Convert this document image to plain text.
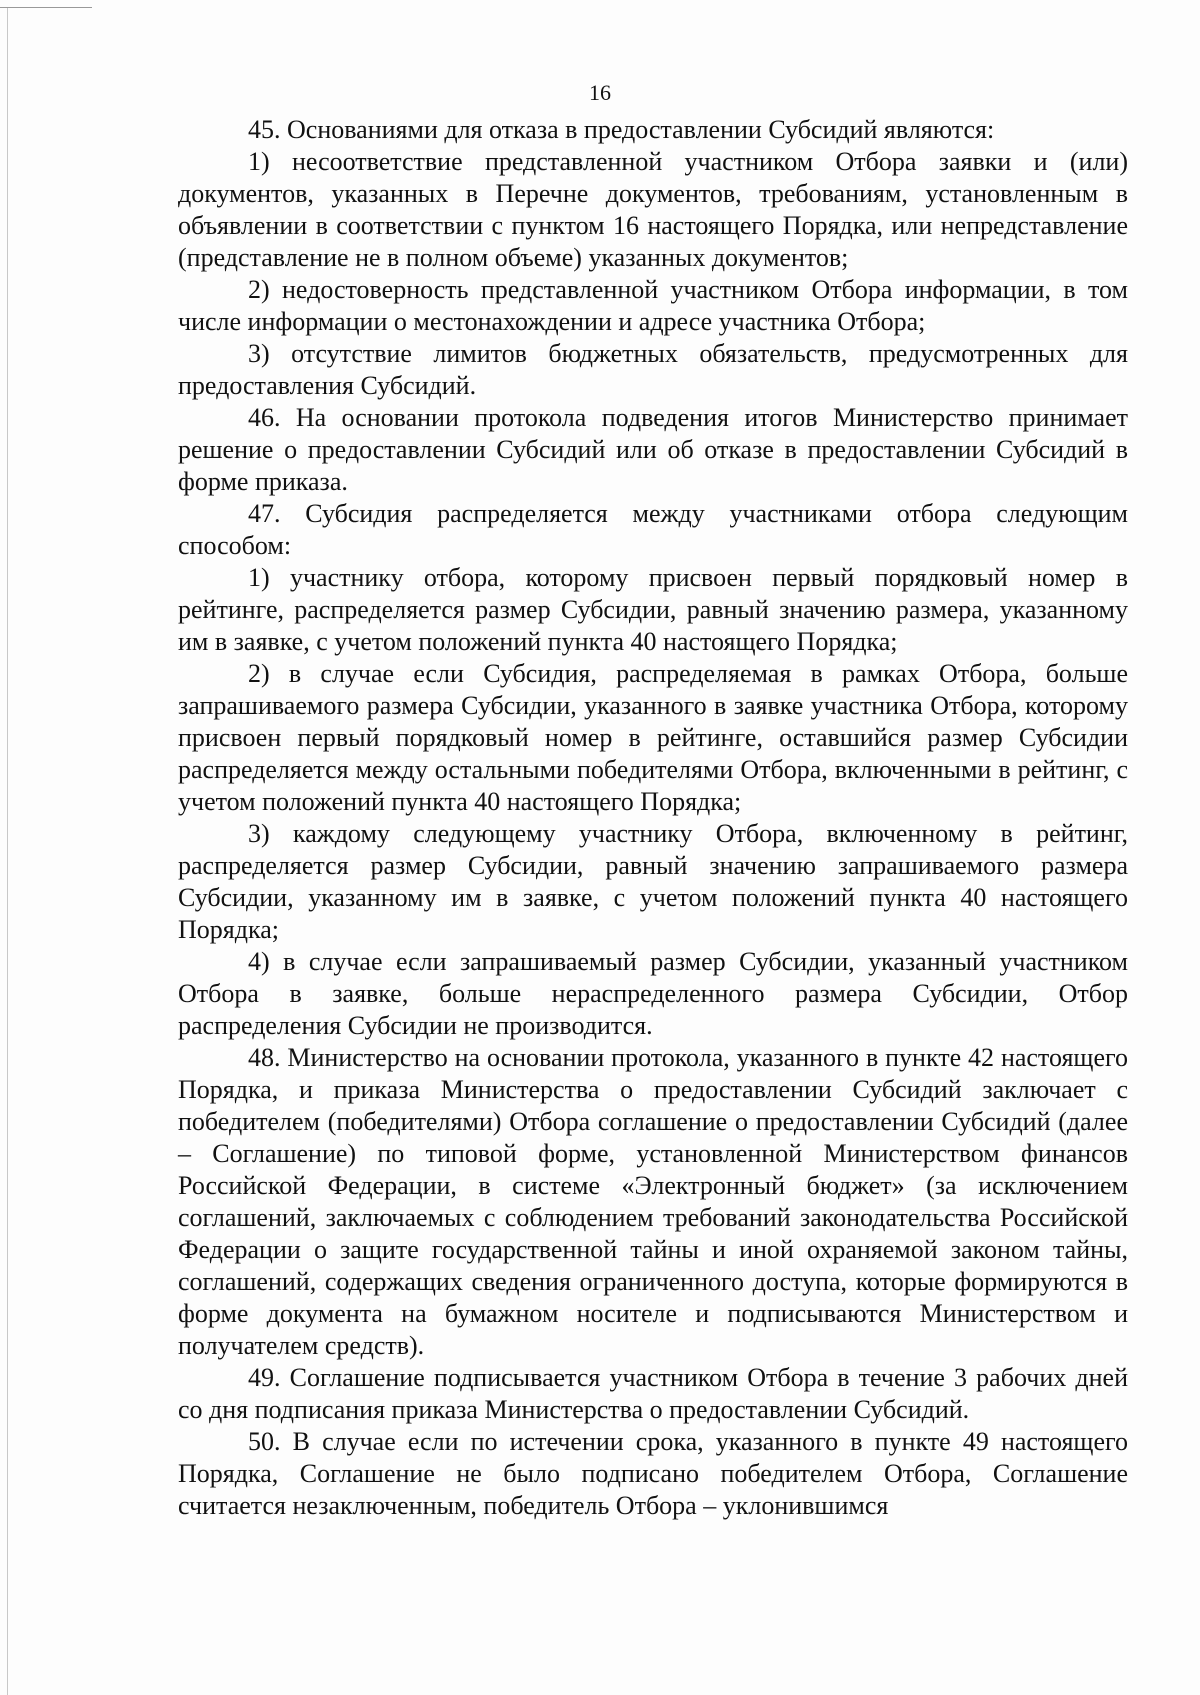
16

45. Основаниями для отказа в предоставлении Субсидий являются:

1) несоответствие представленной участником Отбора заявки и (или) документов, указанных в Перечне документов, требованиям, установленным в объявлении в соответствии с пунктом 16 настоящего Порядка, или непредставление (представление не в полном объеме) указанных документов;

2) недостоверность представленной участником Отбора информации, в том числе информации о местонахождении и адресе участника Отбора;

3) отсутствие лимитов бюджетных обязательств, предусмотренных для предоставления Субсидий.

46. На основании протокола подведения итогов Министерство принимает решение о предоставлении Субсидий или об отказе в предоставлении Субсидий в форме приказа.

47. Субсидия распределяется между участниками отбора следующим способом:

1) участнику отбора, которому присвоен первый порядковый номер в рейтинге, распределяется размер Субсидии, равный значению размера, указанному им в заявке, с учетом положений пункта 40 настоящего Порядка;

2) в случае если Субсидия, распределяемая в рамках Отбора, больше запрашиваемого размера Субсидии, указанного в заявке участника Отбора, которому присвоен первый порядковый номер в рейтинге, оставшийся размер Субсидии распределяется между остальными победителями Отбора, включенными в рейтинг, с учетом положений пункта 40 настоящего Порядка;

3) каждому следующему участнику Отбора, включенному в рейтинг, распределяется размер Субсидии, равный значению запрашиваемого размера Субсидии, указанному им в заявке, с учетом положений пункта 40 настоящего Порядка;

4) в случае если запрашиваемый размер Субсидии, указанный участником Отбора в заявке, больше нераспределенного размера Субсидии, Отбор распределения Субсидии не производится.

48. Министерство на основании протокола, указанного в пункте 42 настоящего Порядка, и приказа Министерства о предоставлении Субсидий заключает с победителем (победителями) Отбора соглашение о предоставлении Субсидий (далее – Соглашение) по типовой форме, установленной Министерством финансов Российской Федерации, в системе «Электронный бюджет» (за исключением соглашений, заключаемых с соблюдением требований законодательства Российской Федерации о защите государственной тайны и иной охраняемой законом тайны, соглашений, содержащих сведения ограниченного доступа, которые формируются в форме документа на бумажном носителе и подписываются Министерством и получателем средств).

49. Соглашение подписывается участником Отбора в течение 3 рабочих дней со дня подписания приказа Министерства о предоставлении Субсидий.

50. В случае если по истечении срока, указанного в пункте 49 настоящего Порядка, Соглашение не было подписано победителем Отбора, Соглашение считается незаключенным, победитель Отбора – уклонившимся
